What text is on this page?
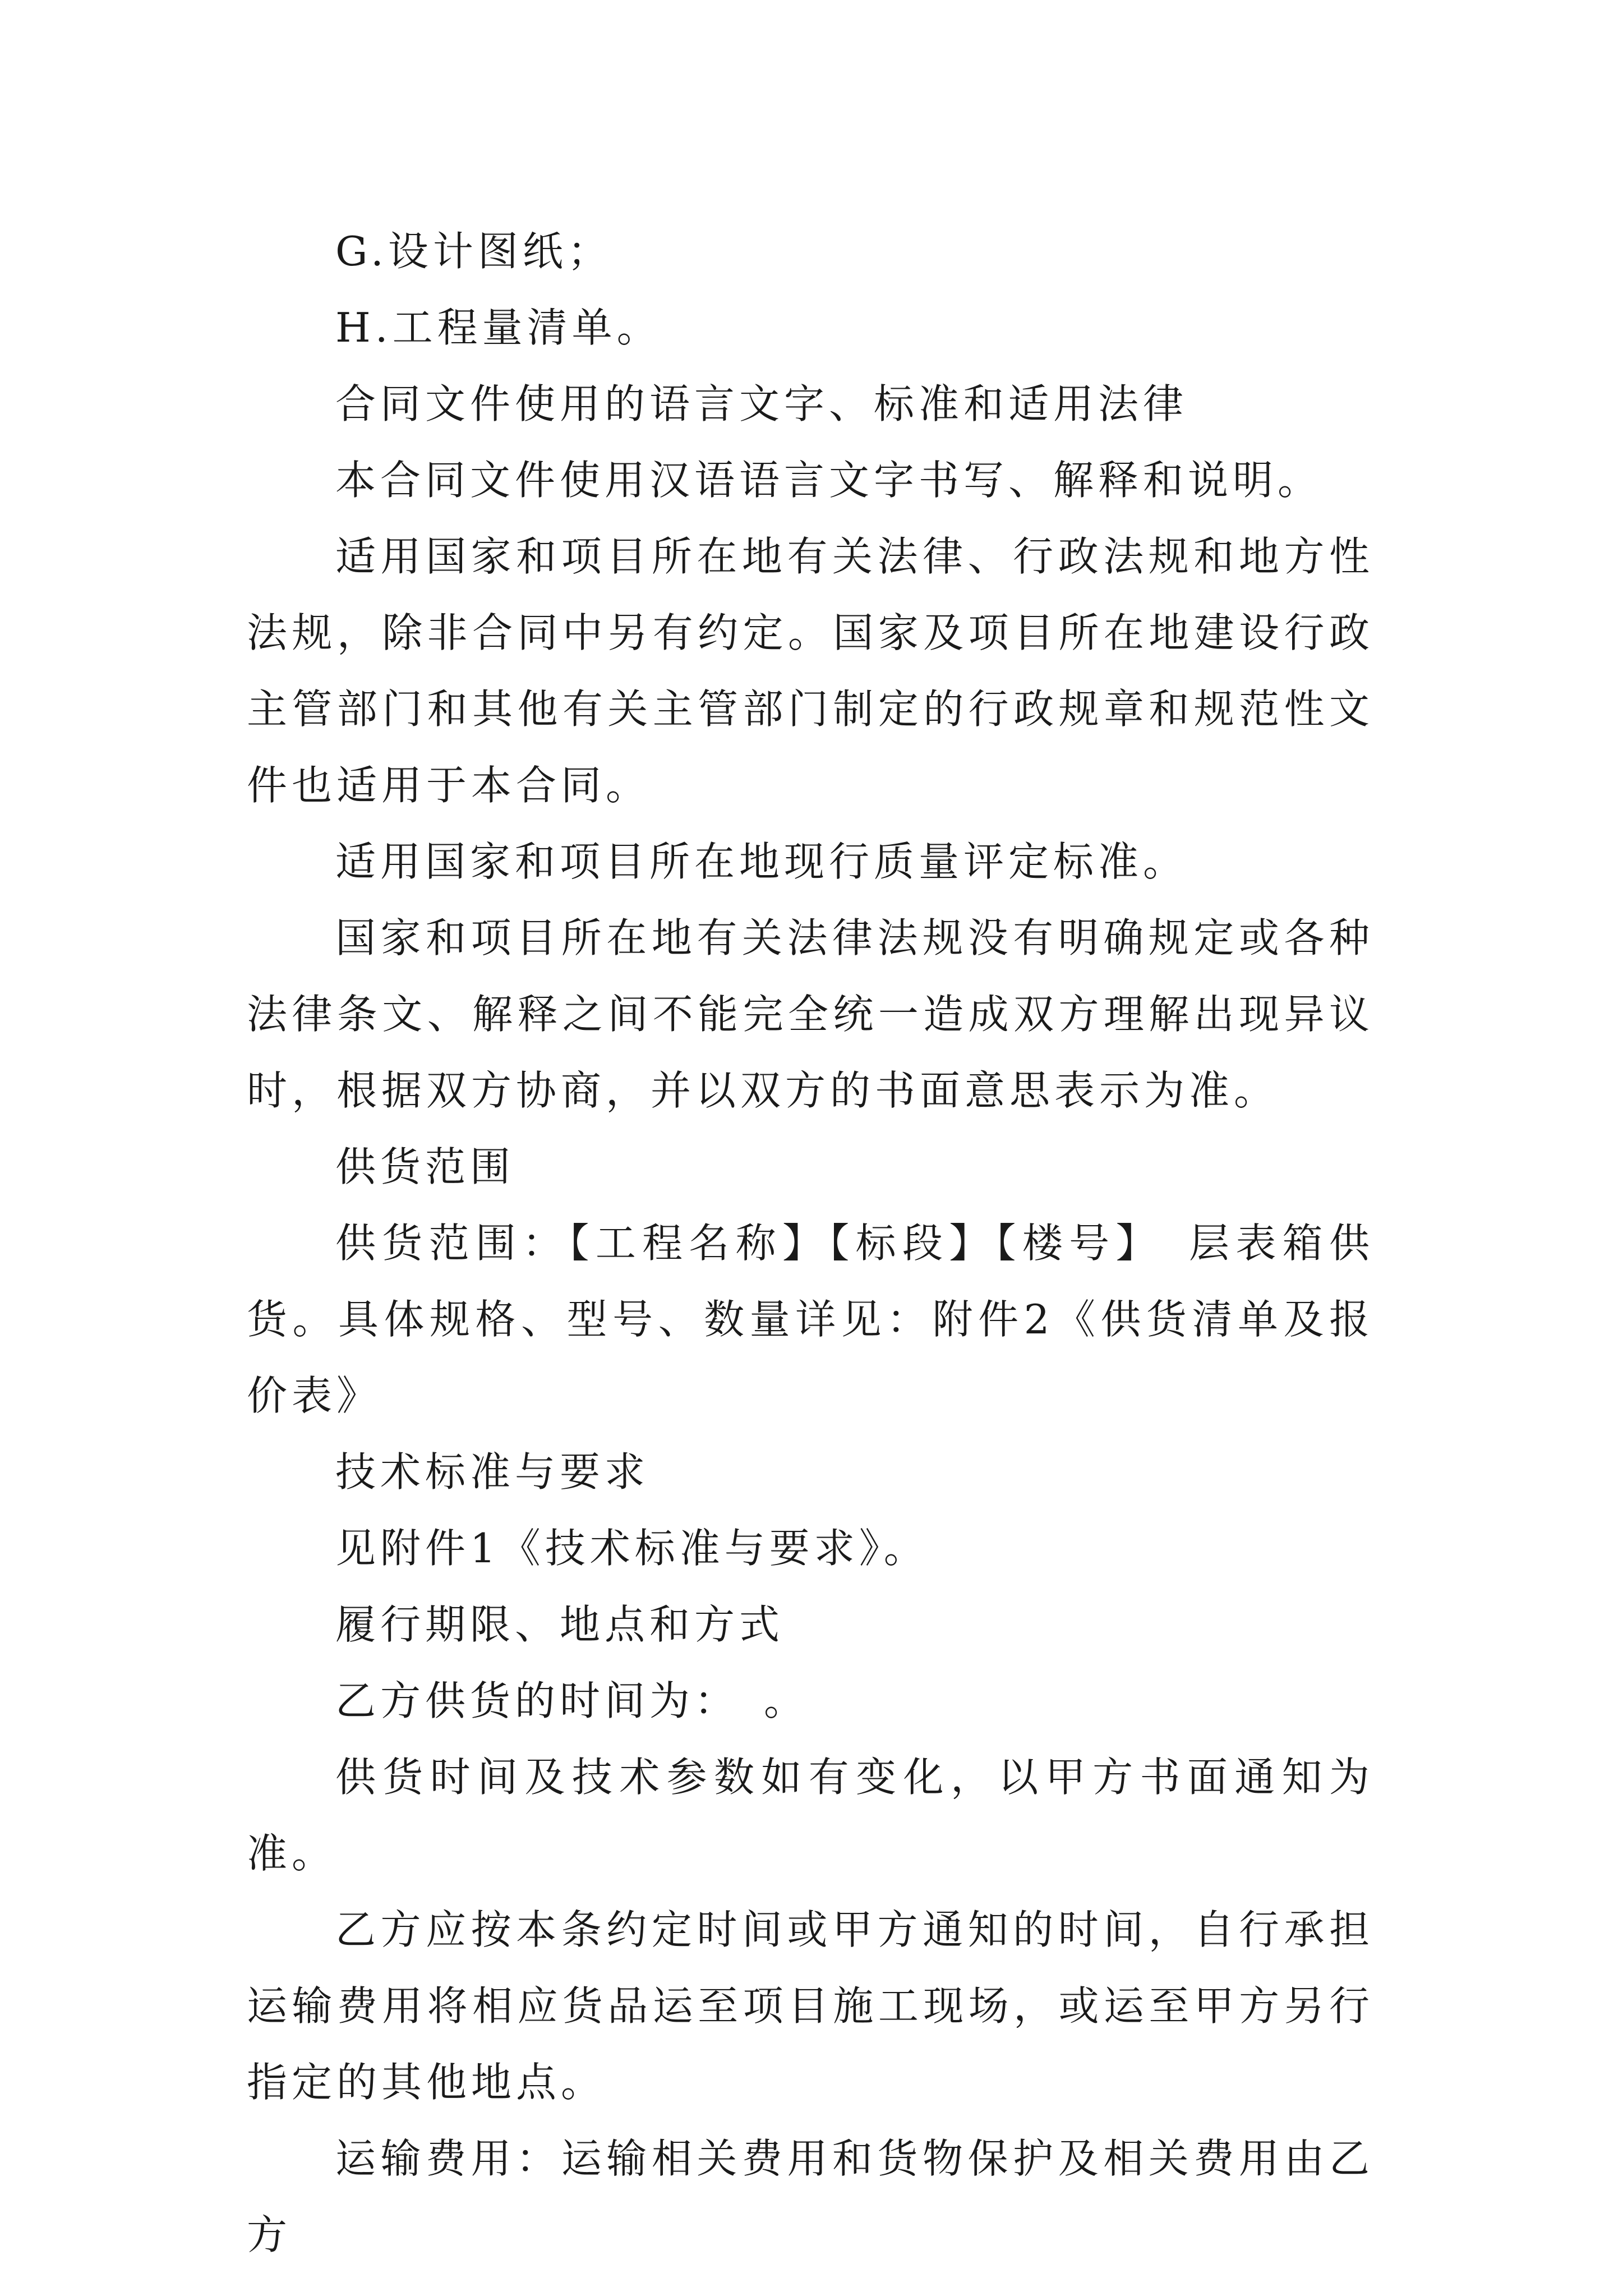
G.设计图纸；

H.工程量清单。

合同文件使用的语言文字、标准和适用法律

本合同文件使用汉语语言文字书写、解释和说明。

适用国家和项目所在地有关法律、行政法规和地方性法规，除非合同中另有约定。国家及项目所在地建设行政主管部门和其他有关主管部门制定的行政规章和规范性文件也适用于本合同。

适用国家和项目所在地现行质量评定标准。

国家和项目所在地有关法律法规没有明确规定或各种法律条文、解释之间不能完全统一造成双方理解出现异议时，根据双方协商，并以双方的书面意思表示为准。

供货范围

供货范围：【工程名称】【标段】【楼号】　层表箱供货。具体规格、型号、数量详见：附件2《供货清单及报价表》

技术标准与要求

见附件1《技术标准与要求》。

履行期限、地点和方式

乙方供货的时间为：　。

供货时间及技术参数如有变化，以甲方书面通知为准。

乙方应按本条约定时间或甲方通知的时间，自行承担运输费用将相应货品运至项目施工现场，或运至甲方另行指定的其他地点。

运输费用：运输相关费用和货物保护及相关费用由乙方
